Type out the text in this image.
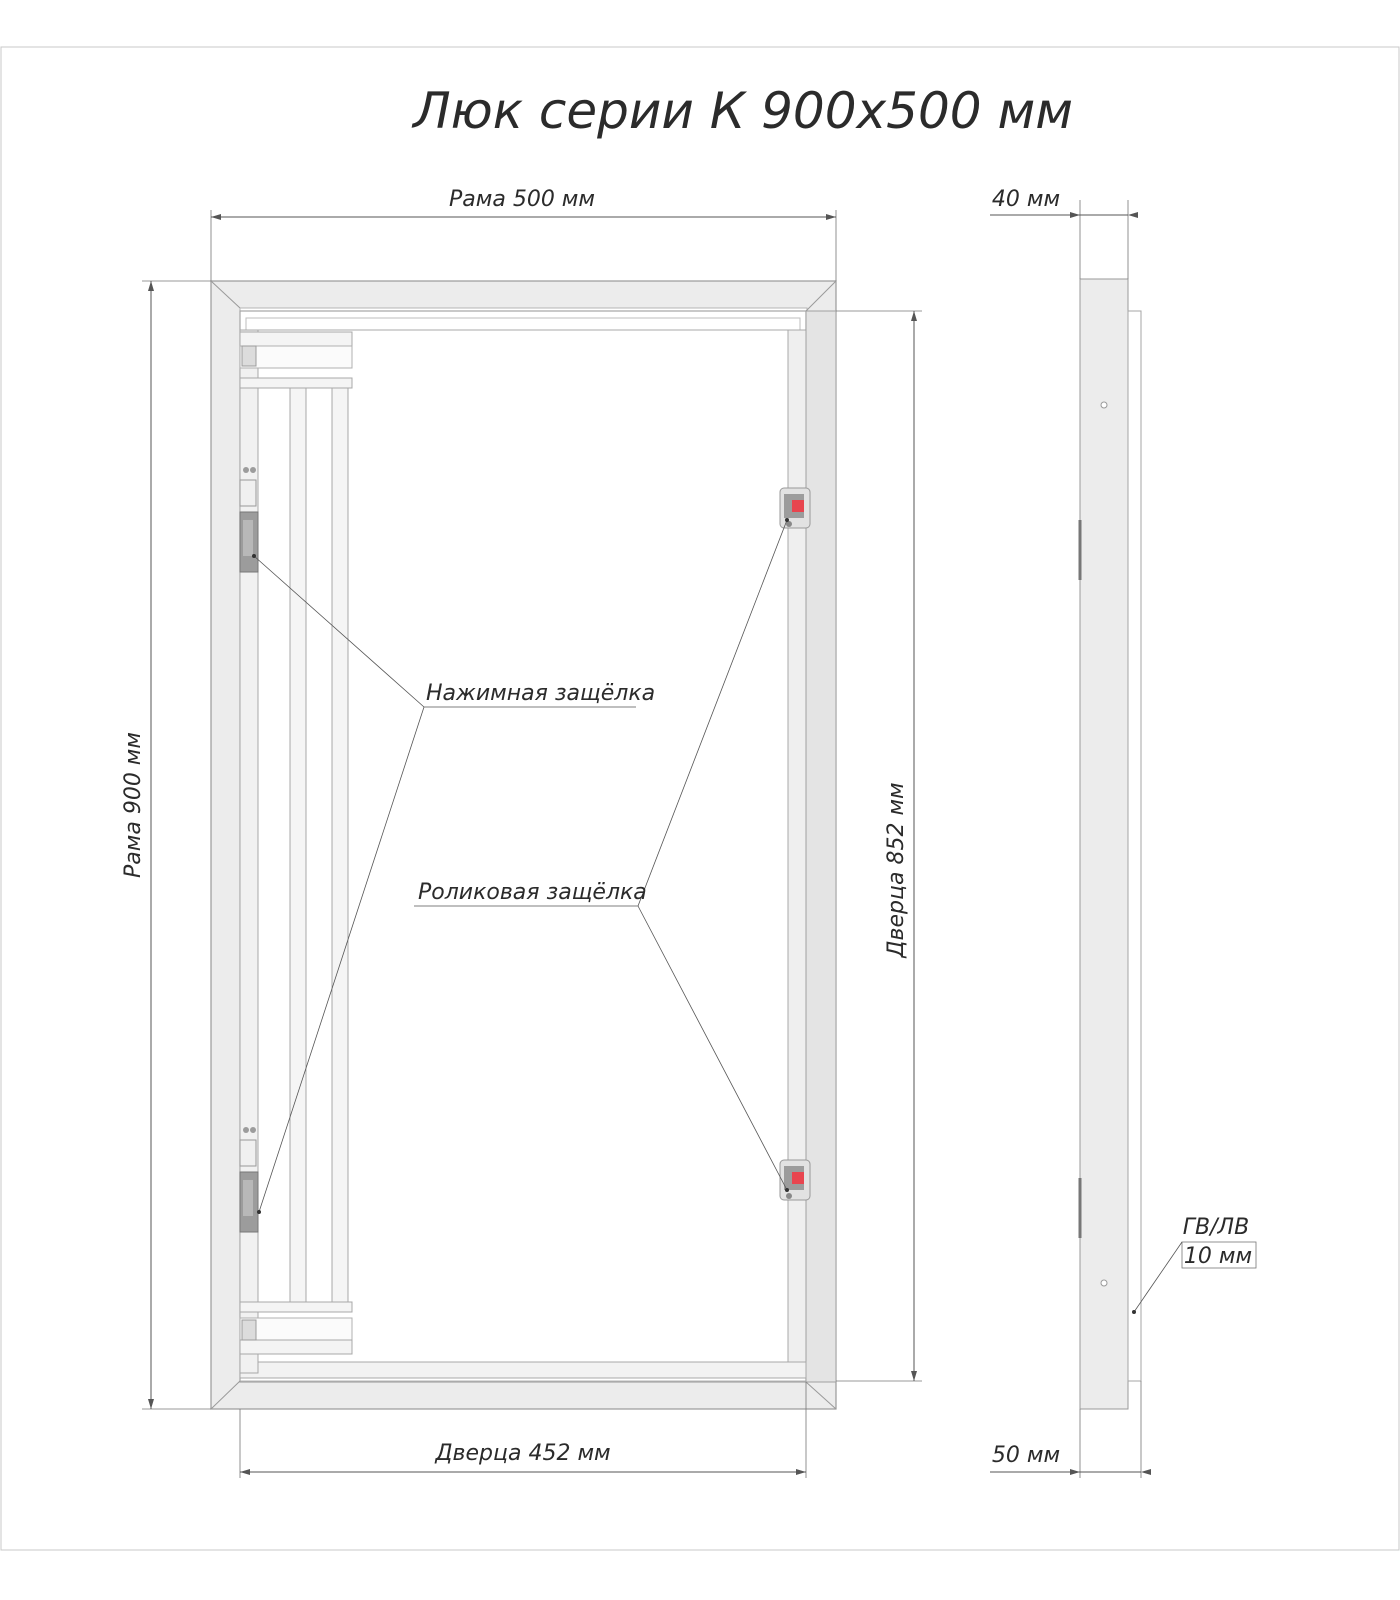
Люк серии К 900х500 мм
Нажимная защёлка
Роликовая защёлка
Рама 500 мм
Рама 900 мм	Дверца 852 мм
Дверца 452 мм
40 мм
50 мм
ГВ/ЛВ
10 мм
